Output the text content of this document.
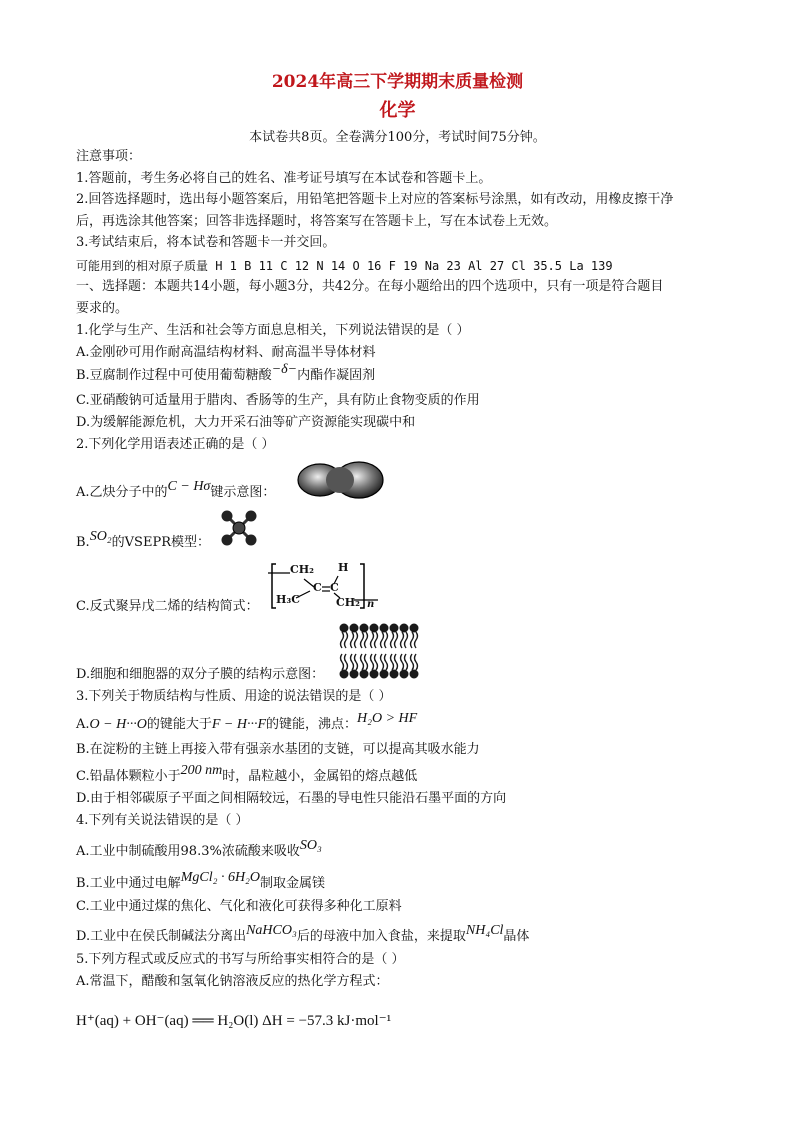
2024年高三下学期期末质量检测
化学
本试卷共8页。全卷满分100分，考试时间75分钟。
注意事项：
1.答题前，考生务必将自己的姓名、准考证号填写在本试卷和答题卡上。
2.回答选择题时，选出每小题答案后，用铅笔把答题卡上对应的答案标号涂黑，如有改动，用橡皮擦干净
后，再选涂其他答案；回答非选择题时，将答案写在答题卡上，写在本试卷上无效。
3.考试结束后，将本试卷和答题卡一并交回。
可能用到的相对原子质量 H 1 B 11 C 12 N 14 O 16 F 19 Na 23 Al 27 Cl 35.5 La 139
一、选择题：本题共14小题，每小题3分，共42分。在每小题给出的四个选项中，只有一项是符合题目
要求的。
1.化学与生产、生活和社会等方面息息相关，下列说法错误的是（ ）
A.金刚砂可用作耐高温结构材料、耐高温半导体材料
B.豆腐制作过程中可使用葡萄糖酸−δ−内酯作凝固剂
C.亚硝酸钠可适量用于腊肉、香肠等的生产，具有防止食物变质的作用
D.为缓解能源危机，大力开采石油等矿产资源能实现碳中和
2.下列化学用语表述正确的是（ ）
A.乙炔分子中的C − Hσ键示意图：
B.SO₂的VSEPR模型：
C.反式聚异戊二烯的结构简式：
CH₂ H
C C
H₃C	CH₂ n
D.细胞和细胞器的双分子膜的结构示意图：
3.下列关于物质结构与性质、用途的说法错误的是（ ）
A.O − H···O的键能大于F − H···F的键能，沸点：H₂O > HF
B.在淀粉的主链上再接入带有强亲水基团的支链，可以提高其吸水能力
C.铅晶体颗粒小于200 nm时，晶粒越小，金属铅的熔点越低
D.由于相邻碳原子平面之间相隔较远，石墨的导电性只能沿石墨平面的方向
4.下列有关说法错误的是（ ）
A.工业中制硫酸用98.3%浓硫酸来吸收SO₃
B.工业中通过电解MgCl₂ · 6H₂O制取金属镁
C.工业中通过煤的焦化、气化和液化可获得多种化工原料
D.工业中在侯氏制碱法分离出NaHCO₃后的母液中加入食盐，来提取NH₄Cl晶体
5.下列方程式或反应式的书写与所给事实相符合的是（ ）
A.常温下，醋酸和氢氧化钠溶液反应的热化学方程式：
H⁺(aq) + OH⁻(aq) ══ H₂O(l) ΔH = −57.3 kJ·mol⁻¹
